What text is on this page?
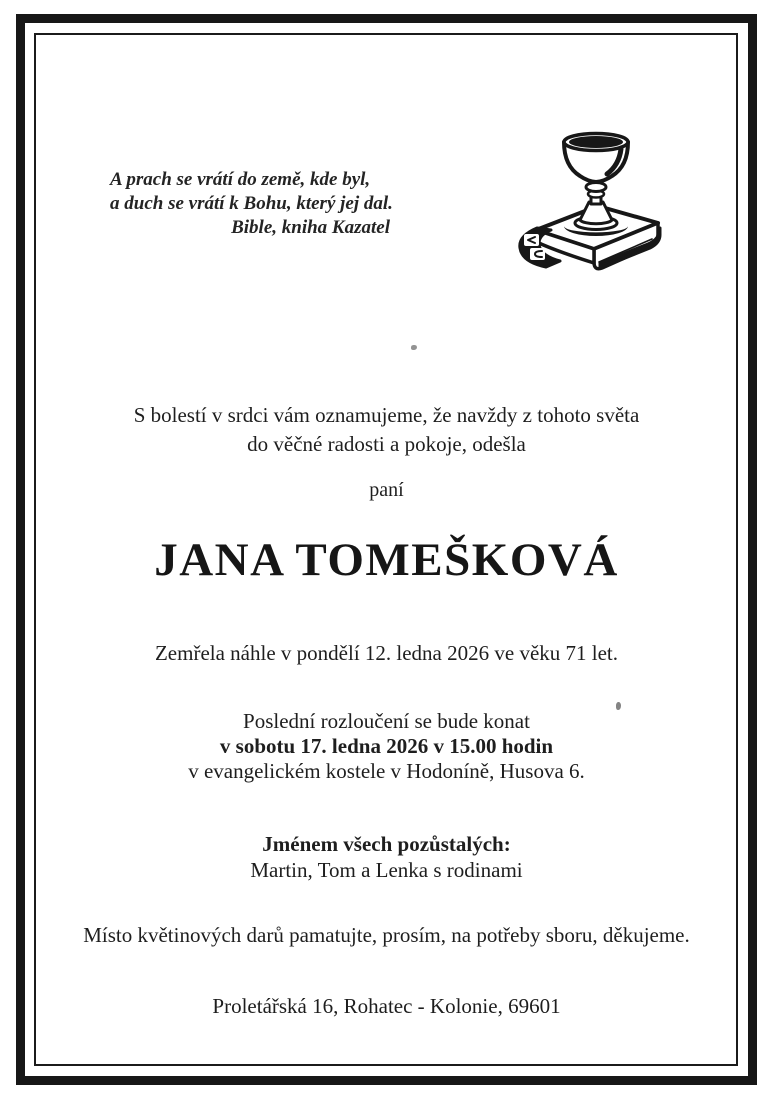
A prach se vrátí do země, kde byl,
a duch se vrátí k Bohu, který jej dal.
Bible, kniha Kazatel
S bolestí v srdci vám oznamujeme, že navždy z tohoto světa
do věčné radosti a pokoje, odešla
paní
JANA TOMEŠKOVÁ
Zemřela náhle v pondělí 12. ledna 2026 ve věku 71 let.
Poslední rozloučení se bude konat
v sobotu 17. ledna 2026 v 15.00 hodin
v evangelickém kostele v Hodoníně, Husova 6.
Jménem všech pozůstalých:
Martin, Tom a Lenka s rodinami
Místo květinových darů pamatujte, prosím, na potřeby sboru, děkujeme.
Proletářská 16, Rohatec - Kolonie, 69601
